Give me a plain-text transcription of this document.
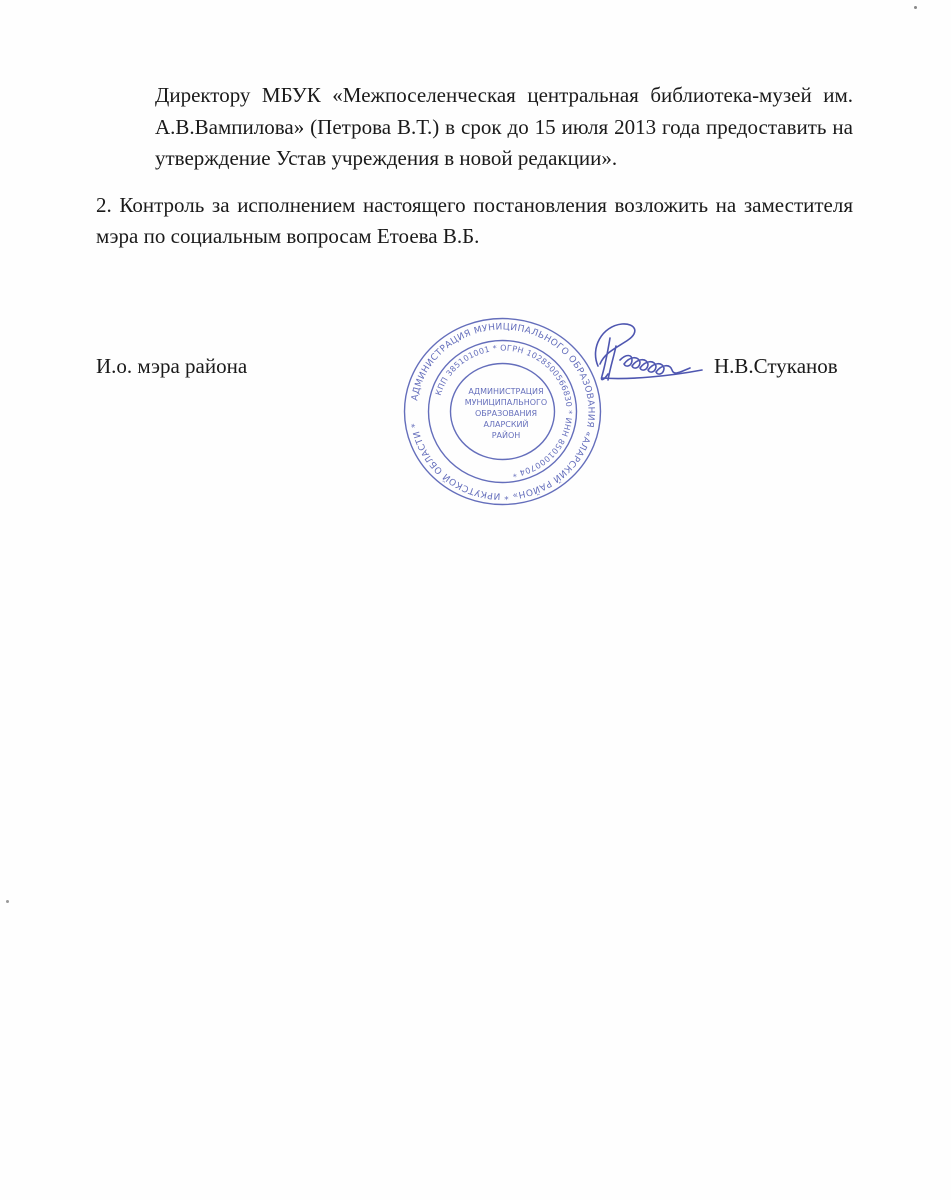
Директору МБУК «Межпоселенческая центральная библиотека-музей им. А.В.Вампилова» (Петрова В.Т.) в срок до 15 июля 2013 года предоставить на утверждение Устав учреждения в новой редакции».
2. Контроль за исполнением настоящего постановления возложить на заместителя мэра по социальным вопросам Етоева В.Б.
И.о. мэра района	Н.В.Стуканов
АДМИНИСТРАЦИЯ МУНИЦИПАЛЬНОГО ОБРАЗОВАНИЯ «АЛАРСКИЙ РАЙОН» * ИРКУТСКОЙ ОБЛАСТИ *
КПП 385101001 * ОГРН 1028500566830 * ИНН 8501000704 *
АДМИНИСТРАЦИЯ
МУНИЦИПАЛЬНОГО
ОБРАЗОВАНИЯ
АЛАРСКИЙ
РАЙОН
